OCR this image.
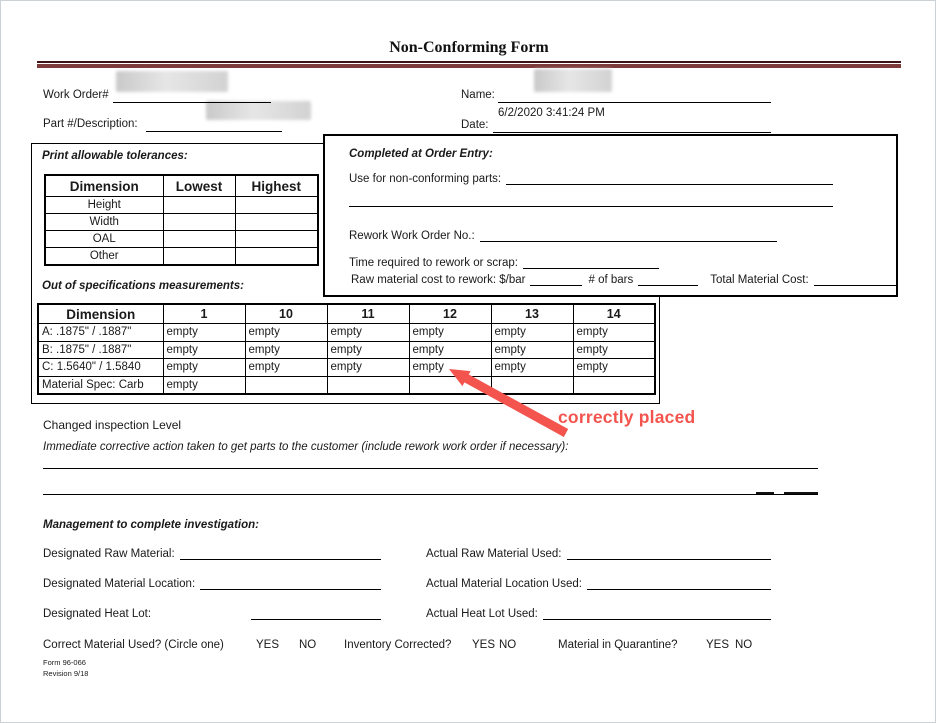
Non-Conforming Form
Work Order#	Name:
Part #/Description:	Date:
6/2/2020 3:41:24 PM
Print allowable tolerances:
Dimension	Lowest	Highest
Height		
Width		
OAL		
Other		
Out of specifications measurements:
Dimension	1	10	11	12	13	14
A: .1875" / .1887"	empty	empty	empty	empty	empty	empty
B: .1875" / .1887"	empty	empty	empty	empty	empty	empty
C: 1.5640" / 1.5840	empty	empty	empty	empty	empty	empty
Material Spec: Carb	empty					
Completed at Order Entry:
Use for non-conforming parts:
Rework Work Order No.:
Time required to rework or scrap:
Raw material cost to rework: $/bar	# of bars	Total Material Cost:
correctly placed
Changed inspection Level
Immediate corrective action taken to get parts to the customer (include rework work order if necessary):
Management to complete investigation:
Designated Raw Material:	Actual Raw Material Used:
Designated Material Location:	Actual Material Location Used:
Designated Heat Lot:	Actual Heat Lot Used:
Correct Material Used? (Circle one)	YES NO Inventory Corrected? YES NO	Material in Quarantine? YES NO
Form 96-066
Revision 9/18
